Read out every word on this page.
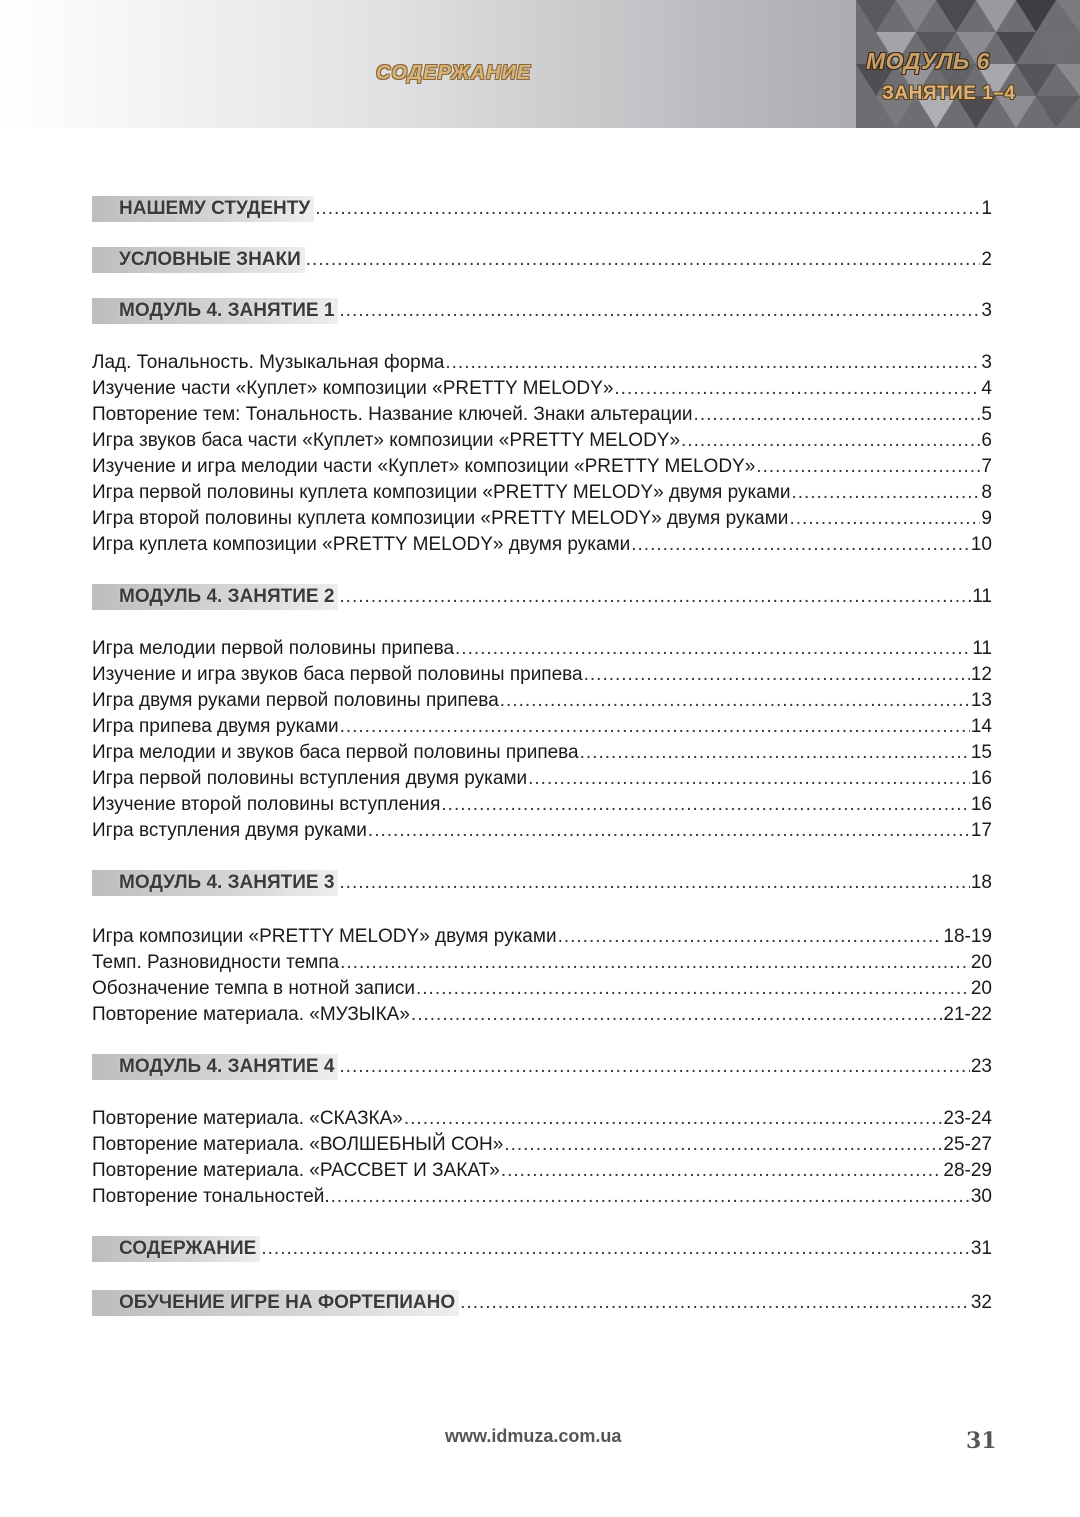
СОДЕРЖАНИЕ	МОДУЛЬ 6
ЗАНЯТИЕ 1–4
НАШЕМУ СТУДЕНТУ .....	1
УСЛОВНЫЕ ЗНАКИ .....	2
МОДУЛЬ 4. ЗАНЯТИЕ 1 .....	3
Лад. Тональность. Музыкальная форма .....	3
Изучение части «Куплет» композиции «PRETTY MELODY» .....	4
Повторение тем: Тональность. Название ключей. Знаки альтерации .....	5
Игра звуков баса части «Куплет» композиции «PRETTY MELODY» .....	6
Изучение и игра мелодии части «Куплет» композиции «PRETTY MELODY» .....	7
Игра первой половины куплета композиции «PRETTY MELODY» двумя руками .....	8
Игра второй половины куплета композиции «PRETTY MELODY» двумя руками .....	9
Игра куплета композиции «PRETTY MELODY» двумя руками .....	10
МОДУЛЬ 4. ЗАНЯТИЕ 2 .....	11
Игра мелодии первой половины припева .....	11
Изучение и игра звуков баса первой половины припева .....	12
Игра двумя руками первой половины припева .....	13
Игра припева двумя руками .....	14
Игра мелодии и звуков баса первой половины припева .....	15
Игра первой половины вступления двумя руками .....	16
Изучение второй половины вступления .....	16
Игра вступления двумя руками .....	17
МОДУЛЬ 4. ЗАНЯТИЕ 3 .....	18
Игра композиции «PRETTY MELODY» двумя руками .....	18-19
Темп. Разновидности темпа .....	20
Обозначение темпа в нотной записи .....	20
Повторение материала. «МУЗЫКА» .....	21-22
МОДУЛЬ 4. ЗАНЯТИЕ 4 .....	23
Повторение материала. «СКАЗКА» .....	23-24
Повторение материала. «ВОЛШЕБНЫЙ СОН» .....	25-27
Повторение материала. «РАССВЕТ И ЗАКАТ» .....	28-29
Повторение тональностей. .....	30
СОДЕРЖАНИЕ .....	31
ОБУЧЕНИЕ ИГРЕ НА ФОРТЕПИАНО .....	32
www.idmuza.com.ua	31
